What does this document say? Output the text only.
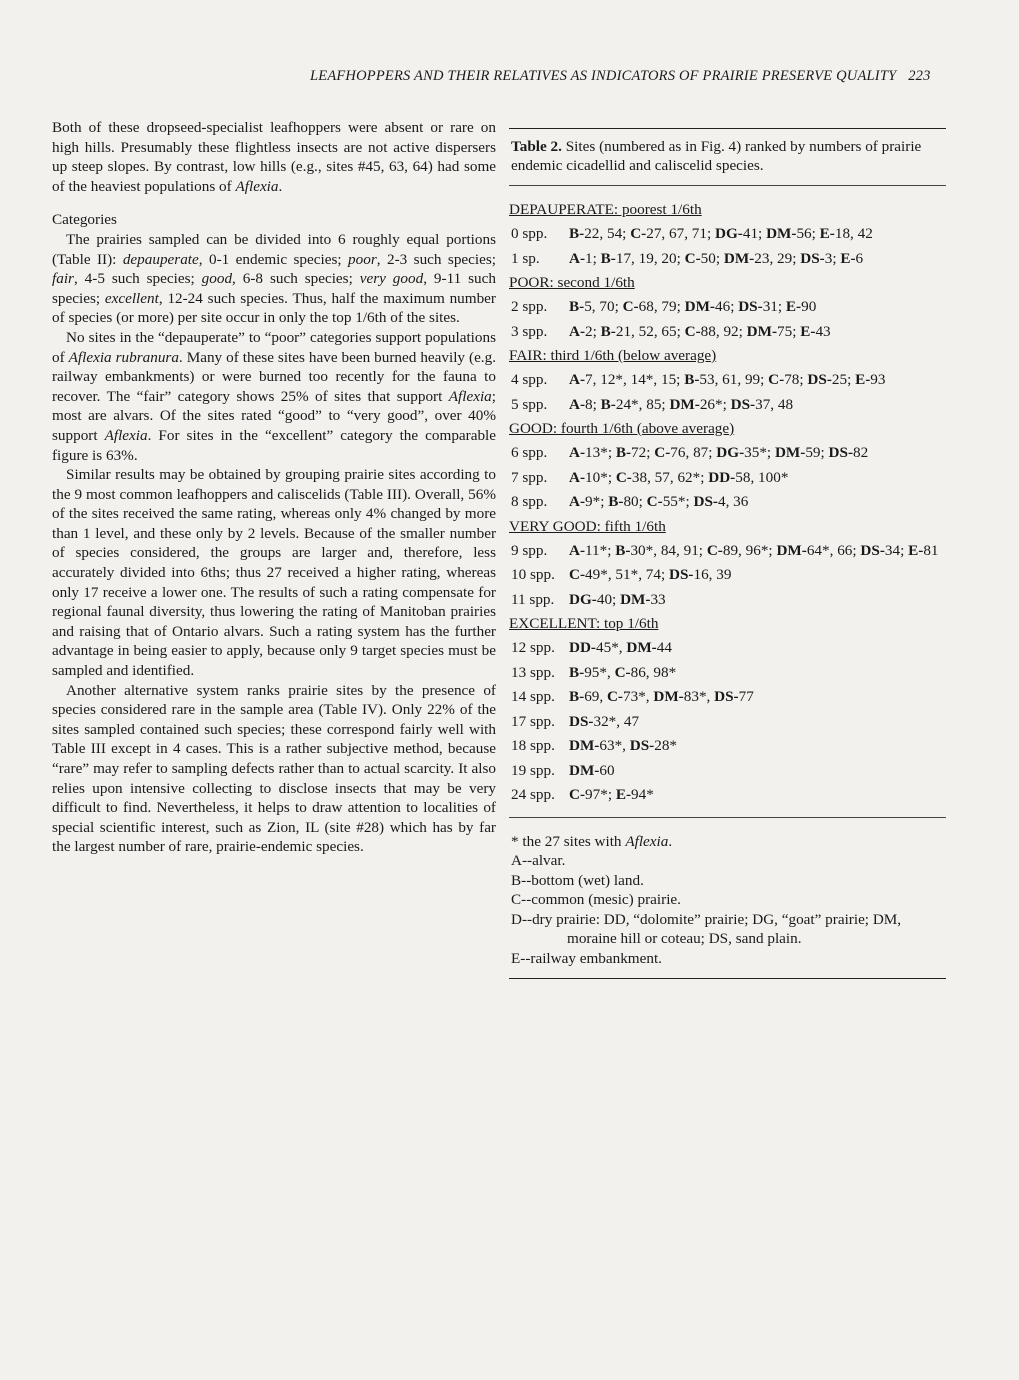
LEAFHOPPERS AND THEIR RELATIVES AS INDICATORS OF PRAIRIE PRESERVE QUALITY 223

Both of these dropseed-specialist leafhoppers were absent or rare on high hills. Presumably these flightless insects are not active dispersers up steep slopes. By contrast, low hills (e.g., sites #45, 63, 64) had some of the heaviest populations of Aflexia.

Categories

The prairies sampled can be divided into 6 roughly equal portions (Table II): depauperate, 0-1 endemic species; poor, 2-3 such species; fair, 4-5 such species; good, 6-8 such species; very good, 9-11 such species; excellent, 12-24 such species. Thus, half the maximum number of species (or more) per site occur in only the top 1/6th of the sites.

No sites in the “depauperate” to “poor” categories support populations of Aflexia rubranura. Many of these sites have been burned heavily (e.g. railway embankments) or were burned too recently for the fauna to recover. The “fair” category shows 25% of sites that support Aflexia; most are alvars. Of the sites rated “good” to “very good”, over 40% support Aflexia. For sites in the “excellent” category the comparable figure is 63%.

Similar results may be obtained by grouping prairie sites according to the 9 most common leafhoppers and caliscelids (Table III). Overall, 56% of the sites received the same rating, whereas only 4% changed by more than 1 level, and these only by 2 levels. Because of the smaller number of species considered, the groups are larger and, therefore, less accurately divided into 6ths; thus 27 received a higher rating, whereas only 17 receive a lower one. The results of such a rating compensate for regional faunal diversity, thus lowering the rating of Manitoban prairies and raising that of Ontario alvars. Such a rating system has the further advantage in being easier to apply, because only 9 target species must be sampled and identified.

Another alternative system ranks prairie sites by the presence of species considered rare in the sample area (Table IV). Only 22% of the sites sampled contained such species; these correspond fairly well with Table III except in 4 cases. This is a rather subjective method, because “rare” may refer to sampling defects rather than to actual scarcity. It also relies upon intensive collecting to disclose insects that may be very difficult to find. Nevertheless, it helps to draw attention to localities of special scientific interest, such as Zion, IL (site #28) which has by far the largest number of rare, prairie-endemic species.

Table 2. Sites (numbered as in Fig. 4) ranked by numbers of prairie endemic cicadellid and caliscelid species.
DEPAUPERATE: poorest 1/6th
0 spp.	B-22, 54; C-27, 67, 71; DG-41; DM-56; E-18, 42
1 sp.	A-1; B-17, 19, 20; C-50; DM-23, 29; DS-3; E-6
POOR: second 1/6th
2 spp.	B-5, 70; C-68, 79; DM-46; DS-31; E-90
3 spp.	A-2; B-21, 52, 65; C-88, 92; DM-75; E-43
FAIR: third 1/6th (below average)
4 spp.	A-7, 12*, 14*, 15; B-53, 61, 99; C-78; DS-25; E-93
5 spp.	A-8; B-24*, 85; DM-26*; DS-37, 48
GOOD: fourth 1/6th (above average)
6 spp.	A-13*; B-72; C-76, 87; DG-35*; DM-59; DS-82
7 spp.	A-10*; C-38, 57, 62*; DD-58, 100*
8 spp.	A-9*; B-80; C-55*; DS-4, 36
VERY GOOD: fifth 1/6th
9 spp.	A-11*; B-30*, 84, 91; C-89, 96*; DM-64*, 66; DS-34; E-81
10 spp. C-49*, 51*, 74; DS-16, 39
11 spp. DG-40; DM-33
EXCELLENT: top 1/6th
12 spp. DD-45*, DM-44
13 spp. B-95*, C-86, 98*
14 spp. B-69, C-73*, DM-83*, DS-77
17 spp. DS-32*, 47
18 spp. DM-63*, DS-28*
19 spp. DM-60
24 spp. C-97*; E-94*
* the 27 sites with Aflexia.
A--alvar.
B--bottom (wet) land.
C--common (mesic) prairie.
D--dry prairie: DD, “dolomite” prairie; DG, “goat” prairie; DM,
moraine hill or coteau; DS, sand plain.
E--railway embankment.
